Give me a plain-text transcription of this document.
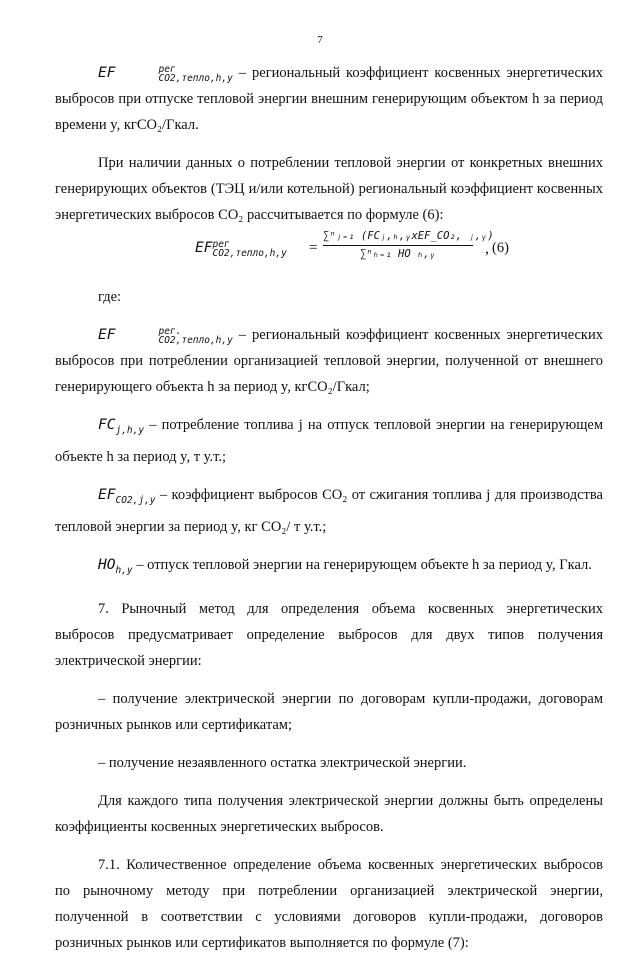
7

EF	рег
CO2,тепло,h,y – региональный коэффициент косвенных энергетических выбросов при отпуске тепловой энергии внешним генерирующим объектом h за период времени y, кгCO₂/Гкал.

При наличии данных о потреблении тепловой энергии от конкретных внешних генерирующих объектов (ТЭЦ и/или котельной) региональный коэффициент косвенных энергетических выбросов CO₂ рассчитывается по формуле (6):

EF рег
CO2,тепло,h,y =
∑ⁿⱼ₌₁ (FCⱼ,ₕ,ᵧxEF_CO₂, ⱼ,ᵧ)
∑ⁿₕ₌₁ HO ₕ,ᵧ	, (6)

где:

EF	рег.
CO2,тепло,h,y – региональный коэффициент косвенных энергетических выбросов при потреблении организацией тепловой энергии, полученной от внешнего генерирующего объекта h за период y, кгCO₂/Гкал;

$FC_{j,h,y}$ – потребление топлива j на отпуск тепловой энергии на генерирующем объекте h за период y, т у.т.;

$EF_{CO2,j,y}$ – коэффициент выбросов CO₂ от сжигания топлива j для производства тепловой энергии за период y, кг CO₂/ т у.т.;

$HO_{h,y}$ – отпуск тепловой энергии на генерирующем объекте h за период y, Гкал.

7. Рыночный метод для определения объема косвенных энергетических выбросов предусматривает определение выбросов для двух типов получения электрической энергии:

– получение электрической энергии по договорам купли-продажи, договорам розничных рынков или сертификатам;

– получение незаявленного остатка электрической энергии.

Для каждого типа получения электрической энергии должны быть определены коэффициенты косвенных энергетических выбросов.

7.1. Количественное определение объема косвенных энергетических выбросов по рыночному методу при потреблении организацией электрической энергии, полученной в соответствии с условиями договоров купли-продажи, договоров розничных рынков или сертификатов выполняется по формуле (7):
